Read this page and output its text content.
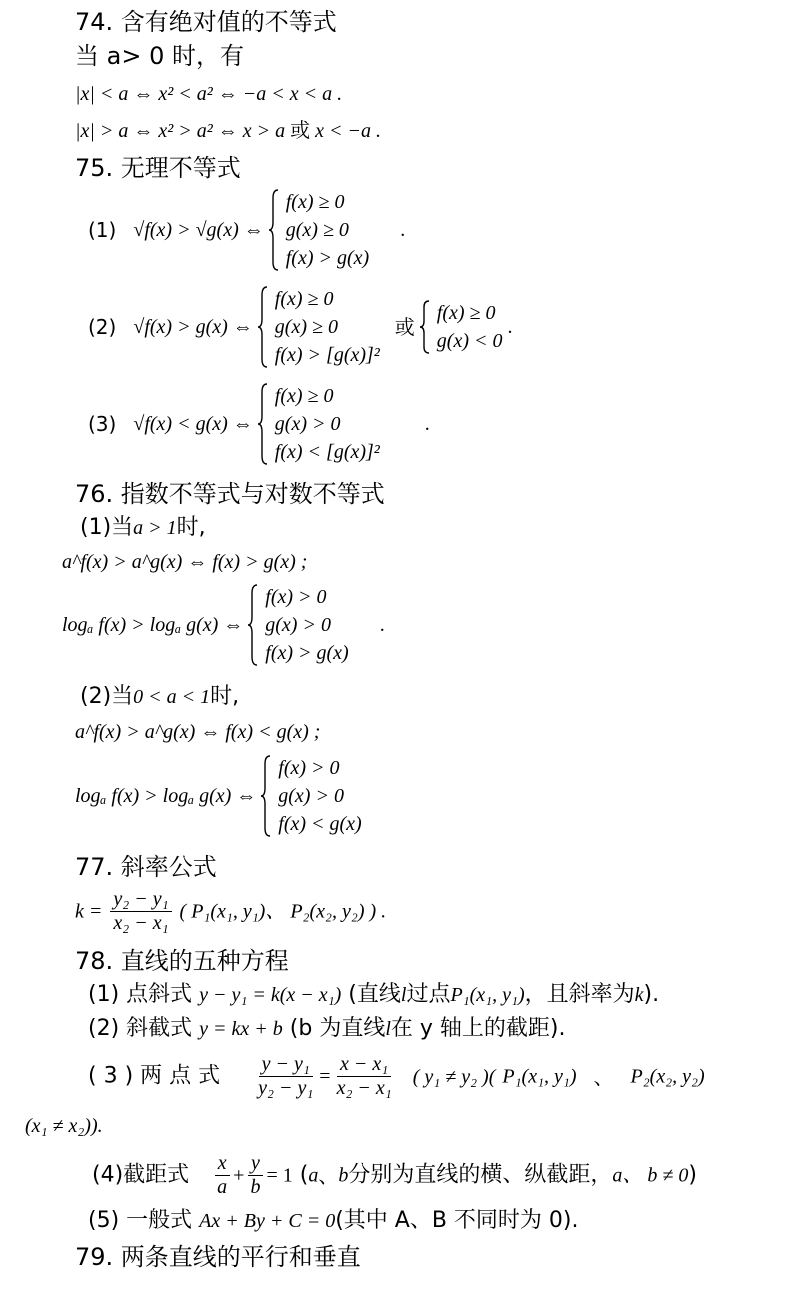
74. 含有绝对值的不等式
当 a> 0 时，有
|x| < a ⇔ x² < a² ⇔ −a < x < a .
|x| > a ⇔ x² > a² ⇔ x > a 或 x < −a .
75. 无理不等式
(1) √f(x) > √g(x) ⇔
f(x) ≥ 0
g(x) ≥ 0
f(x) > g(x)
.
(2) √f(x) > g(x) ⇔
f(x) ≥ 0
g(x) ≥ 0
f(x) > [g(x)]²
或
f(x) ≥ 0
g(x) < 0
.
(3) √f(x) < g(x) ⇔
f(x) ≥ 0
g(x) > 0
f(x) < [g(x)]²
.
76. 指数不等式与对数不等式
(1)当a > 1时,
a^f(x) > a^g(x) ⇔ f(x) > g(x) ;
logₐ f(x) > logₐ g(x) ⇔
f(x) > 0
g(x) > 0
f(x) > g(x)
.
(2)当0 < a < 1时,
a^f(x) > a^g(x) ⇔ f(x) < g(x) ;
logₐ f(x) > logₐ g(x) ⇔
f(x) > 0
g(x) > 0
f(x) < g(x)
77. 斜率公式
$k = \frac{\text{y₂ − y₁}}{\text{x₂ − x₁}}$ ( P₁(x₁, y₁)、 P₂(x₂, y₂) ) .
78. 直线的五种方程
(1) 点斜式 y − y₁ = k(x − x₁) (直线l过点P₁(x₁, y₁)，且斜率为k).
(2) 斜截式 y = kx + b (b 为直线l在 y 轴上的截距).
( 3 ) 两 点 式 $\frac{\text{y − y₁}}{\text{y₂ − y₁}} = \frac{\text{x − x₁}}{\text{x₂ − x₁}}$ ( y₁ ≠ y₂ )( P₁(x₁, y₁) 、 P₂(x₂, y₂)
(x₁ ≠ x₂)).
(4)截距式 $\frac{x}{a} + \frac{y}{b} = 1$ (a、b分别为直线的横、纵截距，a、 b ≠ 0)
(5) 一般式 Ax + By + C = 0(其中 A、B 不同时为 0).
79. 两条直线的平行和垂直
